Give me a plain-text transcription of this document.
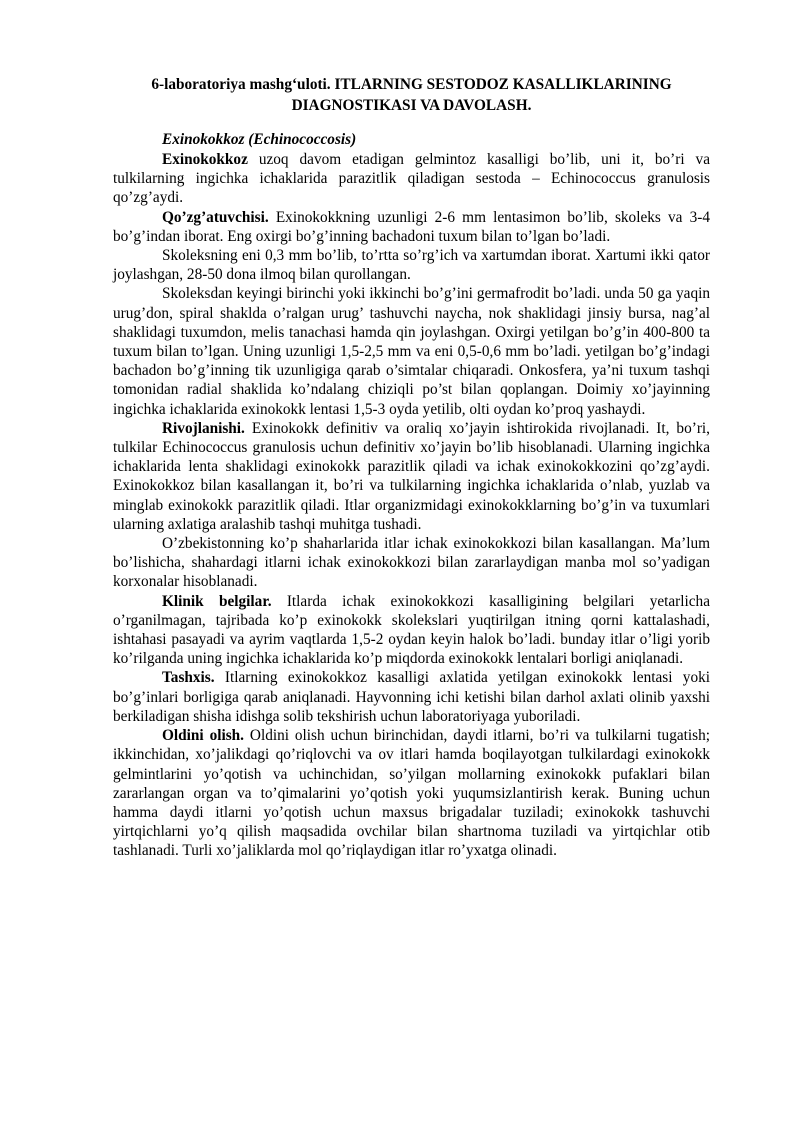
6-laboratoriya mashg‘uloti. ITLARNING SESTODOZ KASALLIKLARINING
DIAGNOSTIKASI VA DAVOLASH.
Exinokokkoz (Echinococcosis)

Exinokokkoz uzoq davom etadigan gelmintoz kasalligi bo’lib, uni it, bo’ri va tulkilarning ingichka ichaklarida parazitlik qiladigan sestoda – Echinococcus granulosis qo’zg’aydi.

Qo’zg’atuvchisi. Exinokokkning uzunligi 2-6 mm lentasimon bo’lib, skoleks va 3-4 bo’g’indan iborat. Eng oxirgi bo’g’inning bachadoni tuxum bilan to’lgan bo’ladi.

Skoleksning eni 0,3 mm bo’lib, to’rtta so’rg’ich va xartumdan iborat. Xartumi ikki qator joylashgan, 28-50 dona ilmoq bilan qurollangan.

Skoleksdan keyingi birinchi yoki ikkinchi bo’g’ini germafrodit bo’ladi. unda 50 ga yaqin urug’don, spiral shaklda o’ralgan urug’ tashuvchi naycha, nok shaklidagi jinsiy bursa, nag’al shaklidagi tuxumdon, melis tanachasi hamda qin joylashgan. Oxirgi yetilgan bo’g’in 400-800 ta tuxum bilan to’lgan. Uning uzunligi 1,5-2,5 mm va eni 0,5-0,6 mm bo’ladi. yetilgan bo’g’indagi bachadon bo’g’inning tik uzunligiga qarab o’simtalar chiqaradi. Onkosfera, ya’ni tuxum tashqi tomonidan radial shaklida ko’ndalang chiziqli po’st bilan qoplangan. Doimiy xo’jayinning ingichka ichaklarida exinokokk lentasi 1,5-3 oyda yetilib, olti oydan ko’proq yashaydi.

Rivojlanishi. Exinokokk definitiv va oraliq xo’jayin ishtirokida rivojlanadi. It, bo’ri, tulkilar Echinococcus granulosis uchun definitiv xo’jayin bo’lib hisoblanadi. Ularning ingichka ichaklarida lenta shaklidagi exinokokk parazitlik qiladi va ichak exinokokkozini qo’zg’aydi. Exinokokkoz bilan kasallangan it, bo’ri va tulkilarning ingichka ichaklarida o’nlab, yuzlab va minglab exinokokk parazitlik qiladi. Itlar organizmidagi exinokokklarning bo’g’in va tuxumlari ularning axlatiga aralashib tashqi muhitga tushadi.

O’zbekistonning ko’p shaharlarida itlar ichak exinokokkozi bilan kasallangan. Ma’lum bo’lishicha, shahardagi itlarni ichak exinokokkozi bilan zararlaydigan manba mol so’yadigan korxonalar hisoblanadi.

Klinik belgilar. Itlarda ichak exinokokkozi kasalligining belgilari yetarlicha o’rganilmagan, tajribada ko’p exinokokk skolekslari yuqtirilgan itning qorni kattalashadi, ishtahasi pasayadi va ayrim vaqtlarda 1,5-2 oydan keyin halok bo’ladi. bunday itlar o’ligi yorib ko’rilganda uning ingichka ichaklarida ko’p miqdorda exinokokk lentalari borligi aniqlanadi.

Tashxis. Itlarning exinokokkoz kasalligi axlatida yetilgan exinokokk lentasi yoki bo’g’inlari borligiga qarab aniqlanadi. Hayvonning ichi ketishi bilan darhol axlati olinib yaxshi berkiladigan shisha idishga solib tekshirish uchun laboratoriyaga yuboriladi.

Oldini olish. Oldini olish uchun birinchidan, daydi itlarni, bo’ri va tulkilarni tugatish; ikkinchidan, xo’jalikdagi qo’riqlovchi va ov itlari hamda boqilayotgan tulkilardagi exinokokk gelmintlarini yo’qotish va uchinchidan, so’yilgan mollarning exinokokk pufaklari bilan zararlangan organ va to’qimalarini yo’qotish yoki yuqumsizlantirish kerak. Buning uchun hamma daydi itlarni yo’qotish uchun maxsus brigadalar tuziladi; exinokokk tashuvchi yirtqichlarni yo’q qilish maqsadida ovchilar bilan shartnoma tuziladi va yirtqichlar otib tashlanadi. Turli xo’jaliklarda mol qo’riqlaydigan itlar ro’yxatga olinadi.
